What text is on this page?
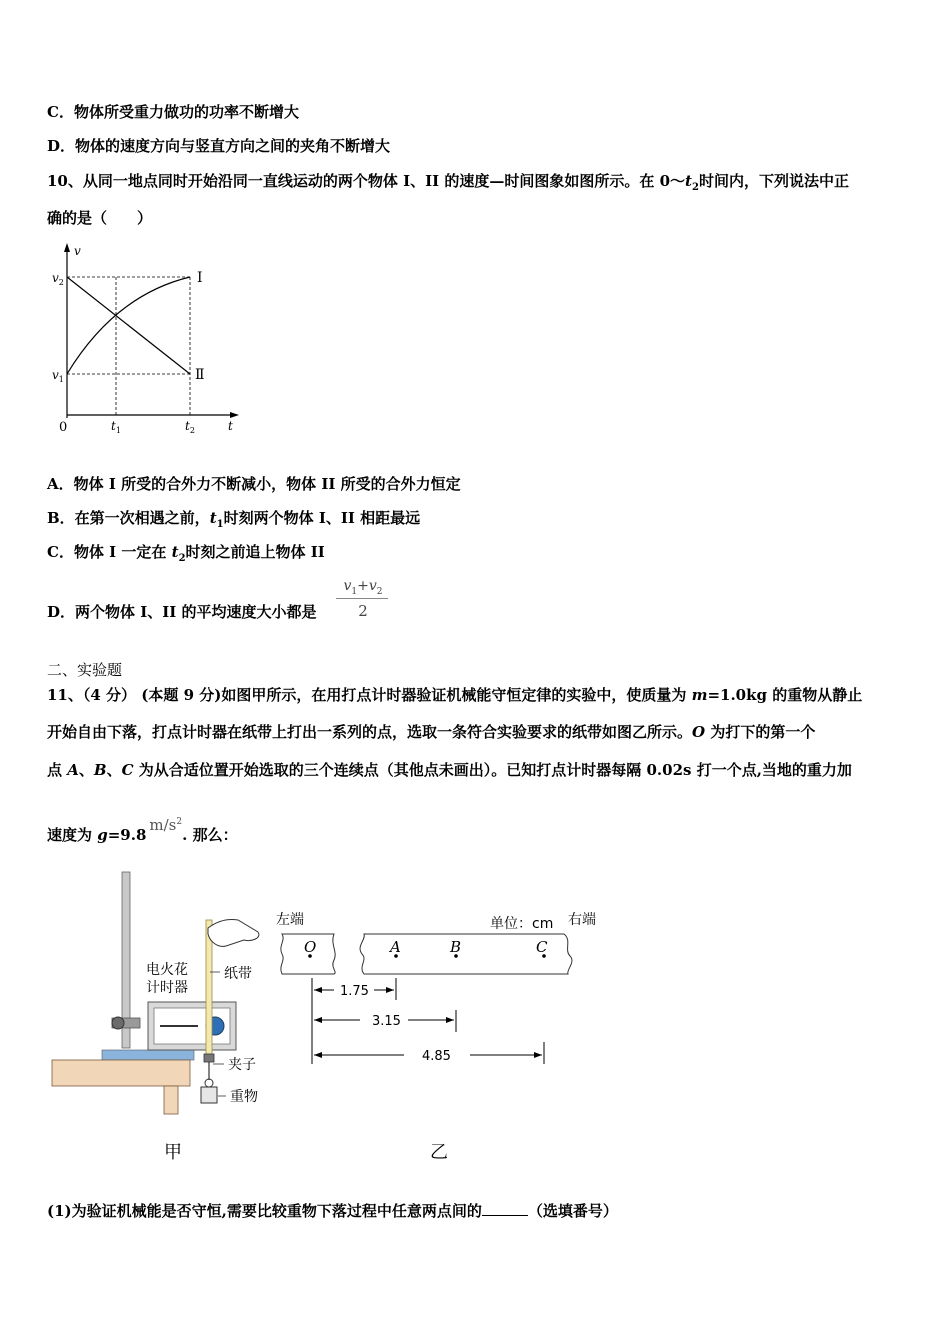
C．物体所受重力做功的功率不断增大
D．物体的速度方向与竖直方向之间的夹角不断增大
10、从同一地点同时开始沿同一直线运动的两个物体 I、II 的速度—时间图象如图所示。在 $0\sim t_2$时间内，下列说法中正
确的是（　　）
v
$v_2$
$v_1$
0	$t_1$	$t_2$	t
I
Ⅱ
A．物体 I 所受的合外力不断减小，物体 II 所受的合外力恒定
B．在第一次相遇之前，$t_1$时刻两个物体 I、II 相距最远
C．物体 I 一定在 $t_2$时刻之前追上物体 II
D．两个物体 I、II 的平均速度大小都是
$v_1+v_2$
2
二、实验题
11、（4 分） (本题 9 分)如图甲所示，在用打点计时器验证机械能守恒定律的实验中，使质量为 m=1.0kg 的重物从静止
开始自由下落，打点计时器在纸带上打出一系列的点，选取一条符合实验要求的纸带如图乙所示。O 为打下的第一个
点 A、B、C 为从合适位置开始选取的三个连续点（其他点未画出）。已知打点计时器每隔 0.02s 打一个点,当地的重力加
速度为 $g=9.8m/s^2$. 那么：
电火花
计时器
纸带
夹子
重物
甲
O	A	B	C
左端	单位：cm 右端
1.75
3.15
4.85
乙
(1)为验证机械能是否守恒,需要比较重物下落过程中任意两点间的	（选填番号）
